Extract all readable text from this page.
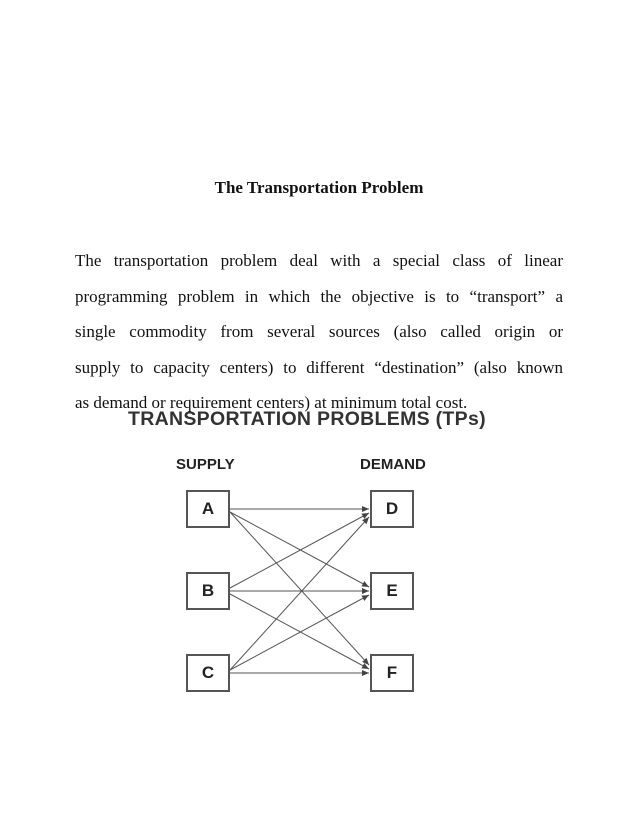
The Transportation Problem
The transportation problem deal with a special class of linear
programming problem in which the objective is to “transport” a
single commodity from several sources (also called origin or
supply to capacity centers) to different “destination” (also known
as demand or requirement centers) at minimum total cost.
TRANSPORTATION PROBLEMS (TPs)
SUPPLY	DEMAND
A
B
C
D
E
F
